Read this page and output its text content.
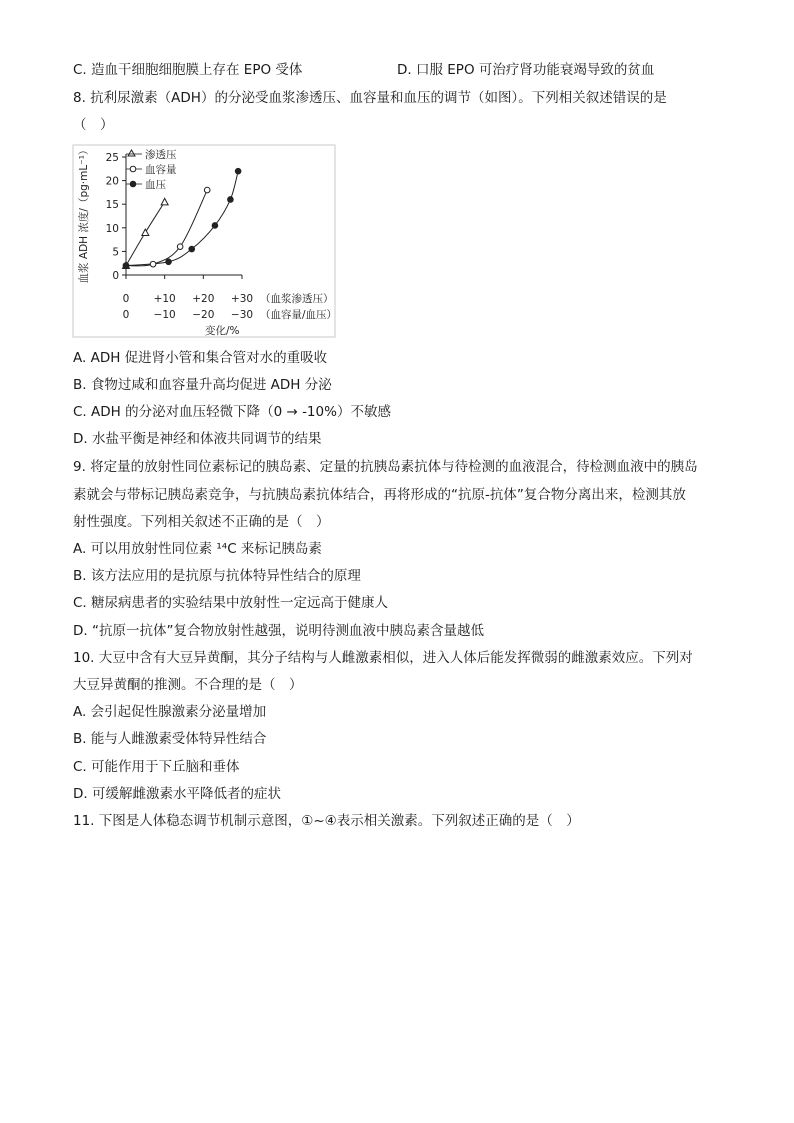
C. 造血干细胞细胞膜上存在 EPO 受体	D. 口服 EPO 可治疗肾功能衰竭导致的贫血
8. 抗利尿激素（ADH）的分泌受血浆渗透压、血容量和血压的调节（如图）。下列相关叙述错误的是
（　）
25
20
15
10
5
0
0
0
+10
−10
+20
−20
+30
−30
渗透压
血容量
血压
血浆 ADH 浓度/（pg·mL⁻¹）
（血浆渗透压）
（血容量/血压）
变化/%
A. ADH 促进肾小管和集合管对水的重吸收
B. 食物过咸和血容量升高均促进 ADH 分泌
C. ADH 的分泌对血压轻微下降（0 → -10%）不敏感
D. 水盐平衡是神经和体液共同调节的结果
9. 将定量的放射性同位素标记的胰岛素、定量的抗胰岛素抗体与待检测的血液混合，待检测血液中的胰岛
素就会与带标记胰岛素竞争，与抗胰岛素抗体结合，再将形成的“抗原-抗体”复合物分离出来，检测其放
射性强度。下列相关叙述不正确的是（　）
A. 可以用放射性同位素 ¹⁴C 来标记胰岛素
B. 该方法应用的是抗原与抗体特异性结合的原理
C. 糖尿病患者的实验结果中放射性一定远高于健康人
D. “抗原一抗体”复合物放射性越强，说明待测血液中胰岛素含量越低
10. 大豆中含有大豆异黄酮，其分子结构与人雌激素相似，进入人体后能发挥微弱的雌激素效应。下列对
大豆异黄酮的推测。不合理的是（　）
A. 会引起促性腺激素分泌量增加
B. 能与人雌激素受体特异性结合
C. 可能作用于下丘脑和垂体
D. 可缓解雌激素水平降低者的症状
11. 下图是人体稳态调节机制示意图，①~④表示相关激素。下列叙述正确的是（　）
